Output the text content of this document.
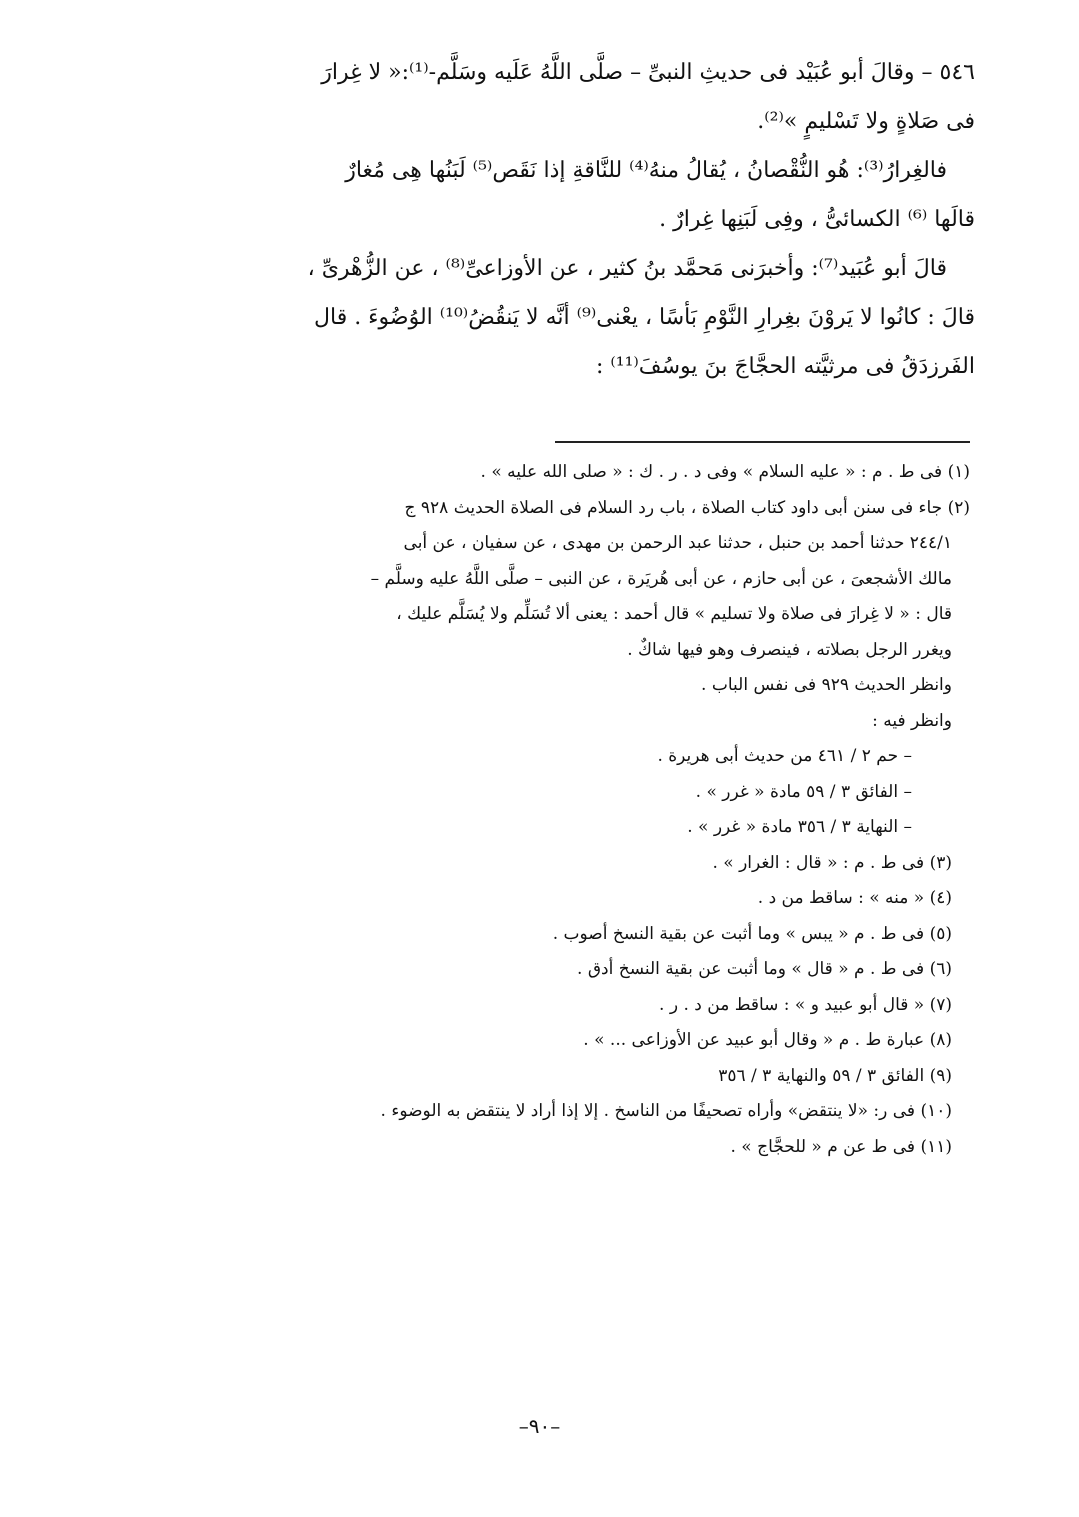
٥٤٦ – وقالَ أبو عُبَيْد فى حديثِ النبىِّ – صلَّى اللَّهُ عَلَيه وسَلَّم-⁽¹⁾:« لا غِرارَ

فى صَلاةٍ ولا تَسْليمٍ »⁽²⁾.

فالغِرارُ⁽³⁾: هُو النُّقْصانُ ، يُقالُ منهُ⁽⁴⁾ للنَّاقةِ إذا نَقَص⁽⁵⁾ لَبَنُها هِى مُغارٌ

قالَها ⁽⁶⁾ الكسائىُّ ، وفِى لَبَنِها غِرارٌ .

قالَ أبو عُبَيد⁽⁷⁾: وأخبرَنى مَحمَّد بنُ كثير ، عن الأوزاعىِّ⁽⁸⁾ ، عن الزُّهْرىِّ ،

قالَ : كانُوا لا يَروْنَ بغِرارِ النَّوْمِ بَأسًا ، يعْنى⁽⁹⁾ أنَّه لا يَنقُضُ⁽¹⁰⁾ الوُضُوءَ . قال

الفَرزدَقُ فى مرثيَّته الحجَّاجَ بنَ يوسُفَ⁽¹¹⁾ :

(١) فى ط . م : « عليه السلام » وفى د . ر . ك : « صلى الله عليه » .

(٢) جاء فى سنن أبى داود كتاب الصلاة ، باب رد السلام فى الصلاة الحديث ٩٢٨ ج

٢٤٤/١ حدثنا أحمد بن حنبل ، حدثنا عبد الرحمن بن مهدى ، عن سفيان ، عن أبى

مالك الأشجعىَ ، عن أبى حازم ، عن أبى هُريَرة ، عن النبى – صلَّى اللَّهُ عليه وسلَّم –

قال : « لا غِرارَ فى صلاة ولا تسليم » قال أحمد : يعنى ألا تُسَلِّم ولا يُسَلَّم عليك ،

ويغرر الرجل بصلاته ، فينصرف وهو فيها شاكٌ .

وانظر الحديث ٩٢٩ فى نفس الباب .

وانظر فيه :

– حم ٢ / ٤٦١ من حديث أبى هريرة .

– الفائق ٣ / ٥٩ مادة « غرر » .

– النهاية ٣ / ٣٥٦ مادة « غرر » .

(٣) فى ط . م : « قال : الغرار » .

(٤) « منه » : ساقط من د .

(٥) فى ط . م « يبس » وما أثبت عن بقية النسخ أصوب .

(٦) فى ط . م « قال » وما أثبت عن بقية النسخ أدق .

(٧) « قال أبو عبيد و » : ساقط من د . ر .

(٨) عبارة ط . م « وقال أبو عبيد عن الأوزاعى ... » .

(٩) الفائق ٣ / ٥٩ والنهاية ٣ / ٣٥٦

(١٠) فى ر: «لا ينتقض» وأراه تصحيفًا من الناسخ . إلا إذا أراد لا ينتقض به الوضوء .

(١١) فى ط عن م « للحجَّاج » .

–٩٠–
